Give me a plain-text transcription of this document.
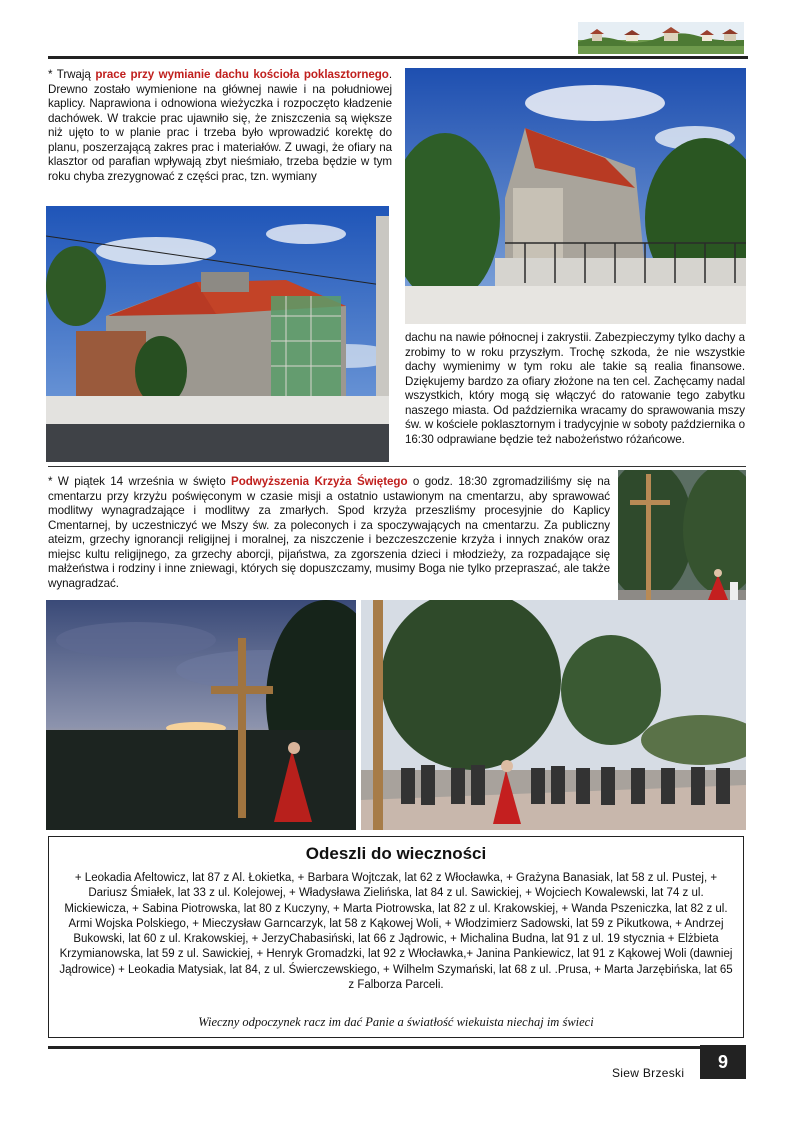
* Trwają prace przy wymianie dachu kościoła poklasztornego. Drewno zostało wymienione na głównej nawie i na południowej kaplicy. Naprawiona i odnowiona wieżyczka i rozpoczęto kładzenie dachówek. W trakcie prac ujawniło się, że zniszczenia są większe niż ujęto to w planie prac i trzeba było wprowadzić korektę do planu, poszerzającą zakres prac i materiałów. Z uwagi, że ofiary na klasztor od parafian wpływają zbyt nieśmiało, trzeba będzie w tym roku chyba zrezygnować z części prac, tzn. wymiany
dachu na nawie północnej i zakrystii. Zabezpieczymy tylko dachy a zrobimy to w roku przyszłym. Trochę szkoda, że nie wszystkie dachy wymienimy w tym roku ale takie są realia finansowe. Dziękujemy bardzo za ofiary złożone na ten cel. Zachęcamy nadal wszystkich, który mogą się włączyć do ratowanie tego zabytku naszego miasta. Od października wracamy do sprawowania mszy św. w kościele poklasztornym i tradycyjnie w soboty października o 16:30 odprawiane będzie też nabożeństwo różańcowe.
* W piątek 14 września w święto Podwyższenia Krzyża Świętego o godz. 18:30 zgromadziliśmy się na cmentarzu przy krzyżu poświęconym w czasie misji a ostatnio ustawionym na cmentarzu, aby sprawować modlitwy wynagradzające i modlitwy za zmarłych. Spod krzyża przeszliśmy procesyjnie do Kaplicy Cmentarnej, by uczestniczyć we Mszy św. za poleconych i za spoczywających na cmentarzu. Za publiczny ateizm, grzechy ignorancji religijnej i moralnej, za niszczenie i bezczeszczenie krzyża i innych znaków oraz miejsc kultu religijnego, za grzechy aborcji, pijaństwa, za zgorszenia dzieci i młodzieży, za rozpadające się małżeństwa i rodziny i inne zniewagi, których się dopuszczamy, musimy Boga nie tylko przepraszać, ale także wynagradzać.
Odeszli do wieczności
+ Leokadia Afeltowicz, lat 87 z Al. Łokietka, + Barbara Wojtczak, lat 62 z Włocławka, + Grażyna Banasiak, lat 58 z ul. Pustej, + Dariusz Śmiałek, lat 33 z ul. Kolejowej, + Władysława Zielińska, lat 84 z ul. Sawickiej, + Wojciech Kowalewski, lat 74 z ul. Mickiewicza, + Sabina Piotrowska, lat 80 z Kuczyny, + Marta Piotrowska, lat 82 z ul. Krakowskiej, + Wanda Pszeniczka, lat 82 z ul. Armi Wojska Polskiego, + Mieczysław Garncarzyk, lat 58 z Kąkowej Woli, + Włodzimierz Sadowski, lat 59 z Pikutkowa, + Andrzej Bukowski, lat 60 z ul. Krakowskiej, + JerzyChabasiński, lat 66 z Jądrowic, + Michalina Budna, lat 91 z ul. 19 stycznia + Elżbieta Krzymianowska, lat 59 z ul. Sawickiej, + Henryk Gromadzki, lat 92 z Włocławka,+ Janina Pankiewicz, lat 91 z Kąkowej Woli (dawniej Jądrowice) + Leokadia Matysiak, lat 84, z ul. Świerczewskiego, + Wilhelm Szymański, lat 68 z ul. .Prusa, + Marta Jarzębińska, lat 65 z Falborza Parceli.
Wieczny odpoczynek racz im dać Panie a światłość wiekuista niechaj im świeci
Siew Brzeski
9
